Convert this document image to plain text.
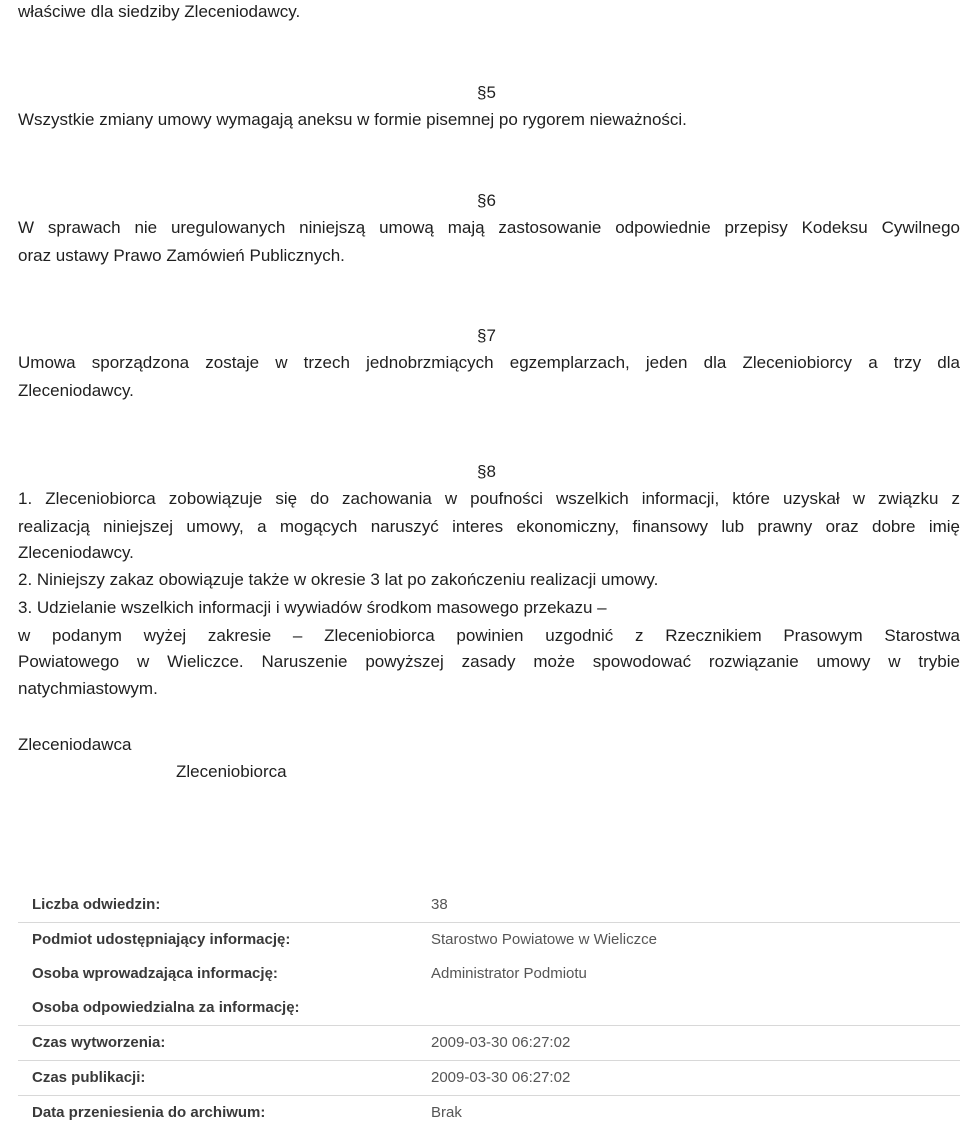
właściwe dla siedziby Zleceniodawcy.
§5
Wszystkie zmiany umowy wymagają aneksu w formie pisemnej po rygorem nieważności.
§6
W sprawach nie uregulowanych niniejszą umową mają zastosowanie odpowiednie przepisy Kodeksu Cywilnego
oraz ustawy Prawo Zamówień Publicznych.
§7
Umowa sporządzona zostaje w trzech jednobrzmiących egzemplarzach, jeden dla Zleceniobiorcy a trzy dla
Zleceniodawcy.
§8
1. Zleceniobiorca zobowiązuje się do zachowania w poufności wszelkich informacji, które uzyskał w związku z
realizacją niniejszej umowy, a mogących naruszyć interes ekonomiczny, finansowy lub prawny oraz dobre imię
Zleceniodawcy.
2. Niniejszy zakaz obowiązuje także w okresie 3 lat po zakończeniu realizacji umowy.
3. Udzielanie wszelkich informacji i wywiadów środkom masowego przekazu –
w podanym wyżej zakresie – Zleceniobiorca powinien uzgodnić z Rzecznikiem Prasowym Starostwa
Powiatowego w Wieliczce. Naruszenie powyższej zasady może spowodować rozwiązanie umowy w trybie
natychmiastowym.
Zleceniodawca
Zleceniobiorca
Liczba odwiedzin:	38
Podmiot udostępniający informację:	Starostwo Powiatowe w Wieliczce
Osoba wprowadzająca informację:	Administrator Podmiotu
Osoba odpowiedzialna za informację:
Czas wytworzenia:	2009-03-30 06:27:02
Czas publikacji:	2009-03-30 06:27:02
Data przeniesienia do archiwum:	Brak
